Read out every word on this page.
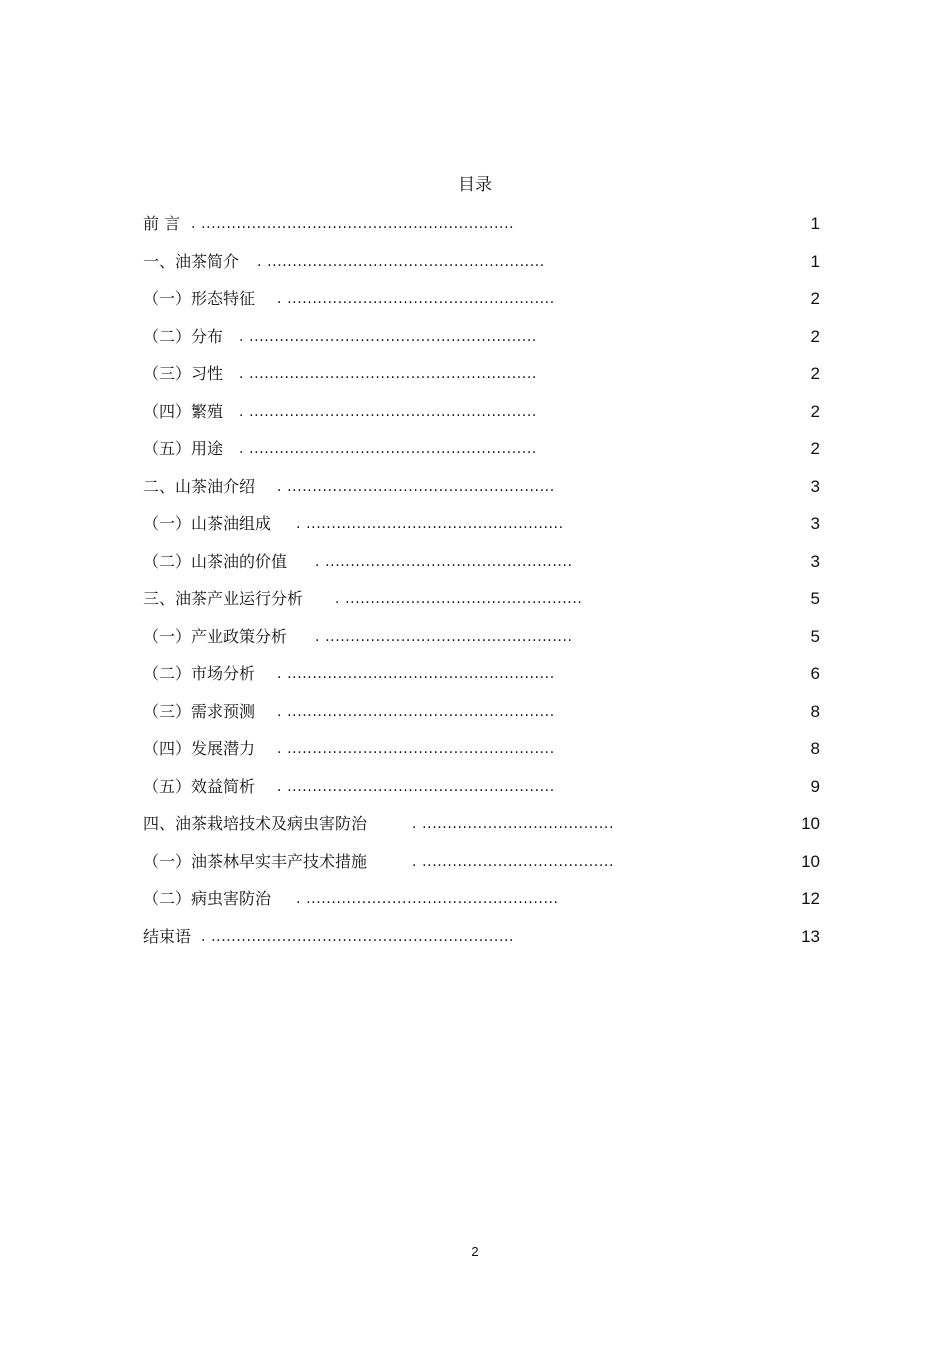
目录
前 言 . ..............................................................	1
一、油茶简介 . .......................................................	1
（一）形态特征 . .....................................................	2
（二）分布 . .........................................................	2
（三）习性 . .........................................................	2
（四）繁殖 . .........................................................	2
（五）用途 . .........................................................	2
二、山茶油介绍 . .....................................................	3
（一）山茶油组成 . ...................................................	3
（二）山茶油的价值 . .................................................	3
三、油茶产业运行分析 . ...............................................	5
（一）产业政策分析 . .................................................	5
（二）市场分析 . .....................................................	6
（三）需求预测 . .....................................................	8
（四）发展潜力 . .....................................................	8
（五）效益简析 . .....................................................	9
四、油茶栽培技术及病虫害防治	. ......................................	10
（一）油茶林早实丰产技术措施	. ......................................	10
（二）病虫害防治 . ..................................................	12
结束语 . ............................................................	13
2
